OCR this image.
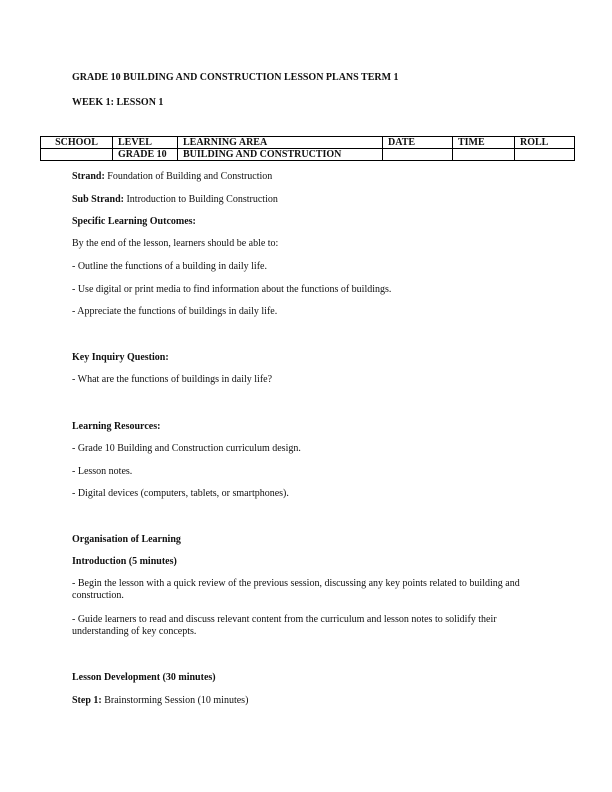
GRADE 10 BUILDING AND CONSTRUCTION LESSON PLANS TERM 1
WEEK 1: LESSON 1
SCHOOL	LEVEL	LEARNING AREA	DATE	TIME	ROLL
	GRADE 10	BUILDING AND CONSTRUCTION			
Strand: Foundation of Building and Construction
Sub Strand: Introduction to Building Construction
Specific Learning Outcomes:
By the end of the lesson, learners should be able to:
- Outline the functions of a building in daily life.
- Use digital or print media to find information about the functions of buildings.
- Appreciate the functions of buildings in daily life.
Key Inquiry Question:
- What are the functions of buildings in daily life?
Learning Resources:
- Grade 10 Building and Construction curriculum design.
- Lesson notes.
- Digital devices (computers, tablets, or smartphones).
Organisation of Learning
Introduction (5 minutes)
- Begin the lesson with a quick review of the previous session, discussing any key points related to building and construction.
- Guide learners to read and discuss relevant content from the curriculum and lesson notes to solidify their understanding of key concepts.
Lesson Development (30 minutes)
Step 1: Brainstorming Session (10 minutes)
